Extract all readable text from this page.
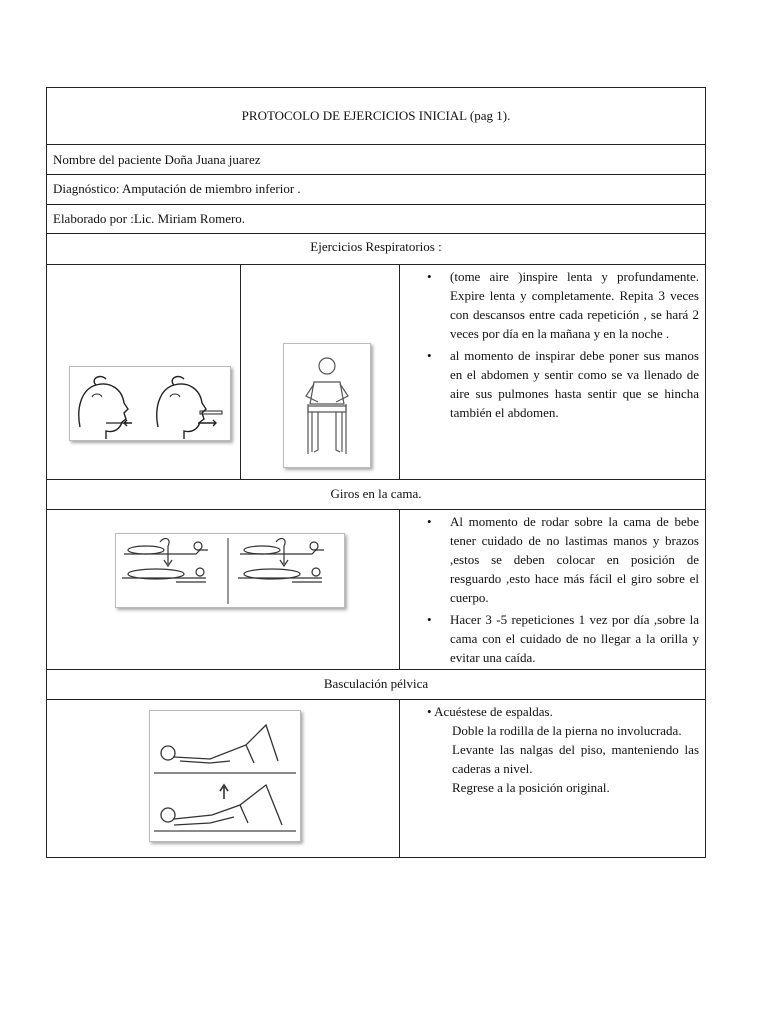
PROTOCOLO DE EJERCICIOS INICIAL (pag 1).
Nombre del paciente Doña Juana juarez
Diagnóstico: Amputación de miembro inferior .
Elaborado por :Lic. Miriam Romero.
Ejercicios Respiratorios :
• (tome aire )inspire lenta y profundamente. Expire lenta y completamente. Repita 3 veces con descansos entre cada repetición , se hará 2 veces por día en la mañana y en la noche .
• al momento de inspirar debe poner sus manos en el abdomen y sentir como se va llenado de aire sus pulmones hasta sentir que se hincha también el abdomen.
Giros en la cama.
• Al momento de rodar sobre la cama de bebe tener cuidado de no lastimas manos y brazos ,estos se deben colocar en posición de resguardo ,esto hace más fácil el giro sobre el cuerpo.
• Hacer 3 -5 repeticiones 1 vez por día ,sobre la cama con el cuidado de no llegar a la orilla y evitar una caída.
Basculación pélvica
• Acuéstese de espaldas.
Doble la rodilla de la pierna no involucrada.
Levante las nalgas del piso, manteniendo las caderas a nivel.
Regrese a la posición original.
